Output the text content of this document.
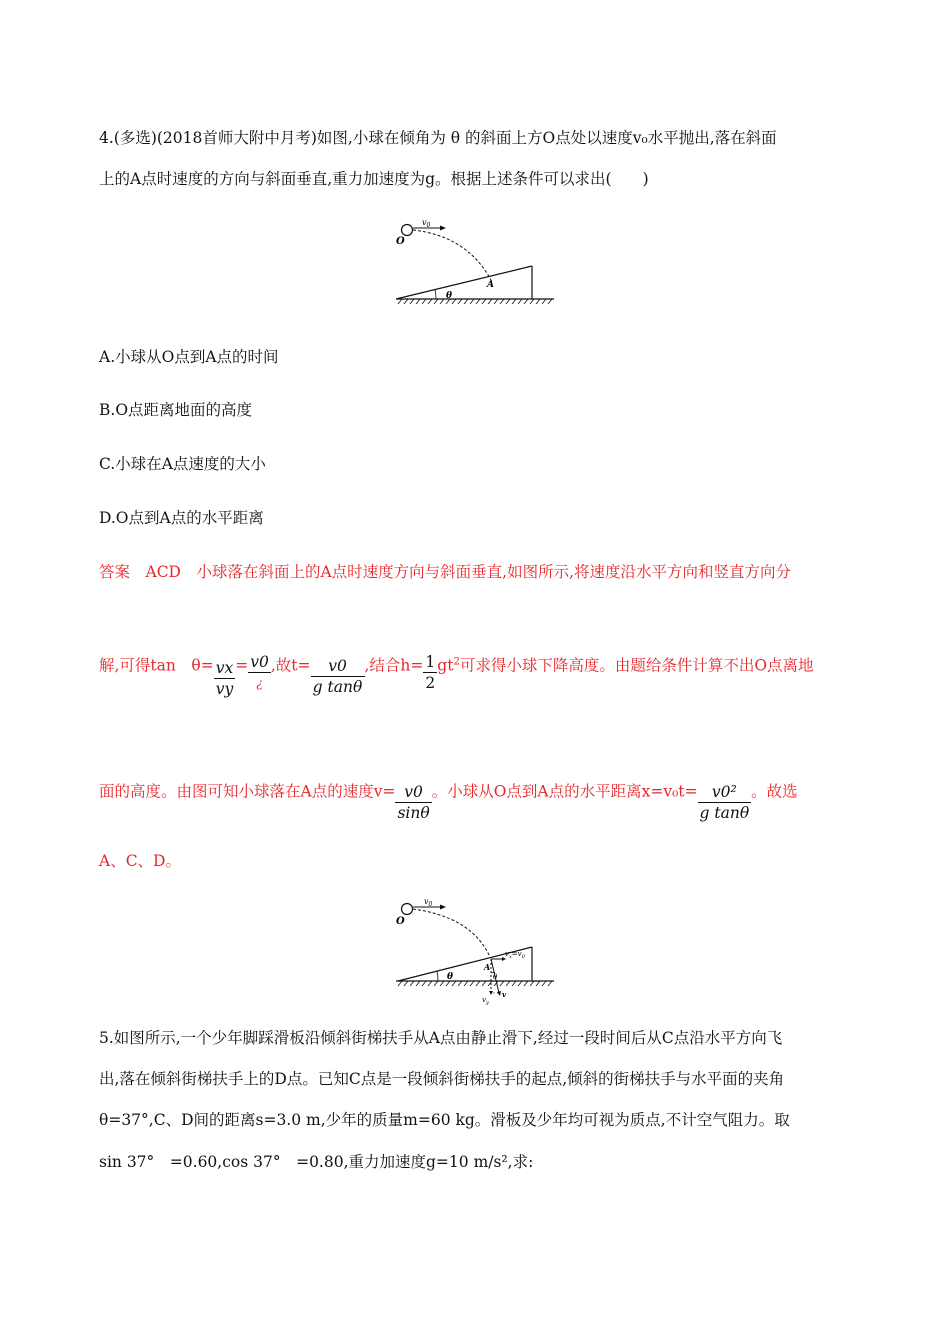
4.(多选)(2018首师大附中月考)如图,小球在倾角为 θ 的斜面上方O点处以速度v₀水平抛出,落在斜面
上的A点时速度的方向与斜面垂直,重力加速度为g。根据上述条件可以求出(　　)
$v_0$
O
θ
A
A.小球从O点到A点的时间
B.O点距离地面的高度
C.小球在A点速度的大小
D.O点到A点的水平距离
答案　ACD　小球落在斜面上的A点时速度方向与斜面垂直,如图所示,将速度沿水平方向和竖直方向分
解,可得tan　$\theta= \frac{vx}{vy} = \frac{v0}{¿}$ ,故$t= \frac{v0}{\text{g tanθ}}$ ,结合$h= \frac{1}{2} gt^2$可求得小球下降高度。由题给条件计算不出O点离地
面的高度。由图可知小球落在A点的速度$v= \frac{v0}{\sin\theta}$ 。小球从O点到A点的水平距离$x=v_0t= \frac{\text{v0²}}{\text{g tanθ}}$ 。故选
A、C、D。
$v_0$
O
θ
A
θ
$v_x=v_0$
$v_y$
v
5.如图所示,一个少年脚踩滑板沿倾斜街梯扶手从A点由静止滑下,经过一段时间后从C点沿水平方向飞
出,落在倾斜街梯扶手上的D点。已知C点是一段倾斜街梯扶手的起点,倾斜的街梯扶手与水平面的夹角
θ=37°,C、D间的距离s=3.0 m,少年的质量m=60 kg。滑板及少年均可视为质点,不计空气阻力。取
sin 37°　=0.60,cos 37°　=0.80,重力加速度g=10 m/s²,求:
